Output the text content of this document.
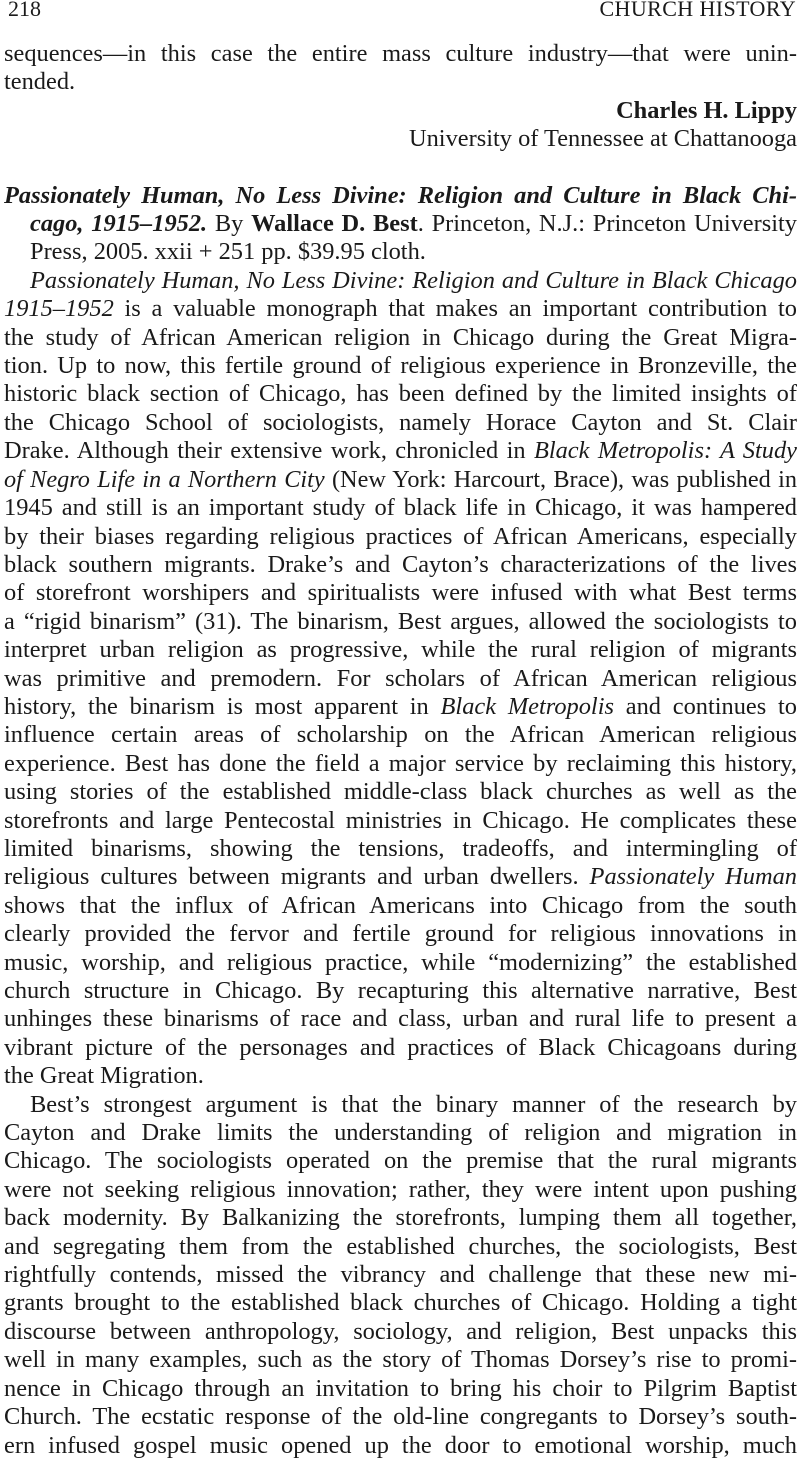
218	CHURCH HISTORY
sequences—in this case the entire mass culture industry—that were unin-
tended.
Charles H. Lippy
University of Tennessee at Chattanooga
Passionately Human, No Less Divine: Religion and Culture in Black Chi-
cago, 1915–1952. By Wallace D. Best. Princeton, N.J.: Princeton University
Press, 2005. xxii + 251 pp. $39.95 cloth.
Passionately Human, No Less Divine: Religion and Culture in Black Chicago
1915–1952 is a valuable monograph that makes an important contribution to
the study of African American religion in Chicago during the Great Migra-
tion. Up to now, this fertile ground of religious experience in Bronzeville, the
historic black section of Chicago, has been defined by the limited insights of
the Chicago School of sociologists, namely Horace Cayton and St. Clair
Drake. Although their extensive work, chronicled in Black Metropolis: A Study
of Negro Life in a Northern City (New York: Harcourt, Brace), was published in
1945 and still is an important study of black life in Chicago, it was hampered
by their biases regarding religious practices of African Americans, especially
black southern migrants. Drake’s and Cayton’s characterizations of the lives
of storefront worshipers and spiritualists were infused with what Best terms
a “rigid binarism” (31). The binarism, Best argues, allowed the sociologists to
interpret urban religion as progressive, while the rural religion of migrants
was primitive and premodern. For scholars of African American religious
history, the binarism is most apparent in Black Metropolis and continues to
influence certain areas of scholarship on the African American religious
experience. Best has done the field a major service by reclaiming this history,
using stories of the established middle-class black churches as well as the
storefronts and large Pentecostal ministries in Chicago. He complicates these
limited binarisms, showing the tensions, tradeoffs, and intermingling of
religious cultures between migrants and urban dwellers. Passionately Human
shows that the influx of African Americans into Chicago from the south
clearly provided the fervor and fertile ground for religious innovations in
music, worship, and religious practice, while “modernizing” the established
church structure in Chicago. By recapturing this alternative narrative, Best
unhinges these binarisms of race and class, urban and rural life to present a
vibrant picture of the personages and practices of Black Chicagoans during
the Great Migration.
Best’s strongest argument is that the binary manner of the research by
Cayton and Drake limits the understanding of religion and migration in
Chicago. The sociologists operated on the premise that the rural migrants
were not seeking religious innovation; rather, they were intent upon pushing
back modernity. By Balkanizing the storefronts, lumping them all together,
and segregating them from the established churches, the sociologists, Best
rightfully contends, missed the vibrancy and challenge that these new mi-
grants brought to the established black churches of Chicago. Holding a tight
discourse between anthropology, sociology, and religion, Best unpacks this
well in many examples, such as the story of Thomas Dorsey’s rise to promi-
nence in Chicago through an invitation to bring his choir to Pilgrim Baptist
Church. The ecstatic response of the old-line congregants to Dorsey’s south-
ern infused gospel music opened up the door to emotional worship, much
